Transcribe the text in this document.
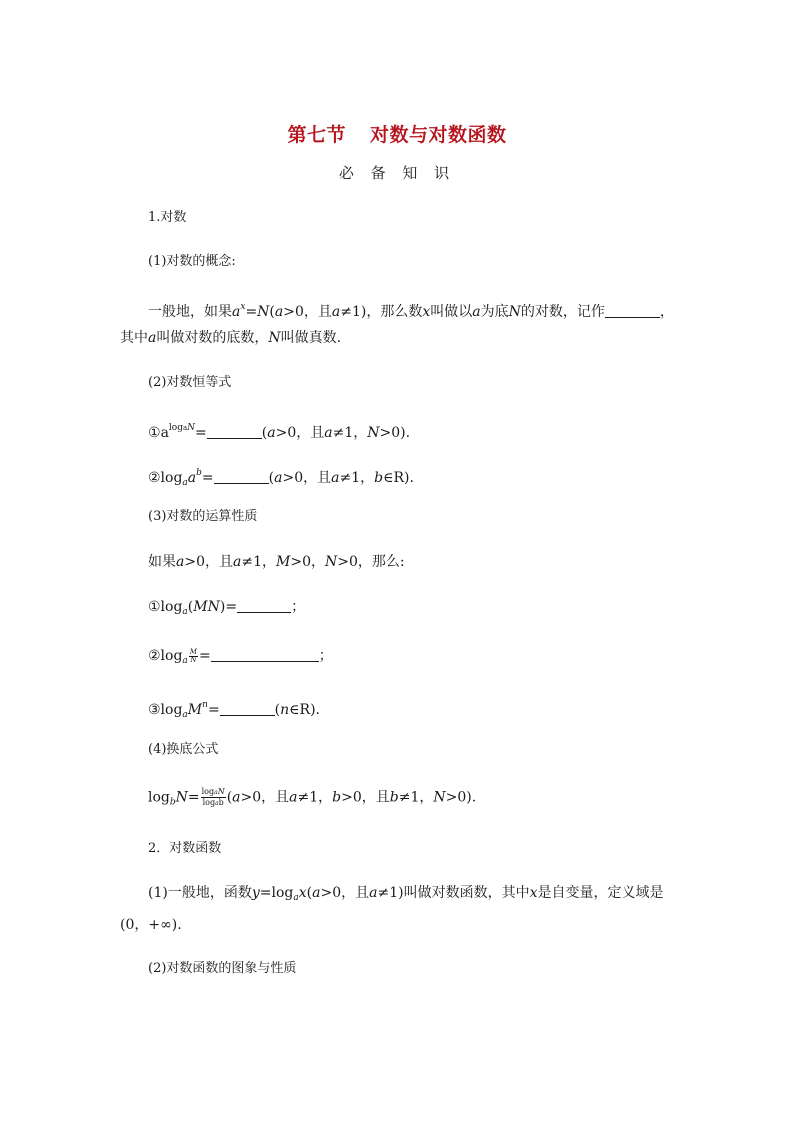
第七节 对数与对数函数
必 备 知 识
1.对数
(1)对数的概念:
一般地，如果$a^x=N(a>0$，且a≠1)，那么数x叫做以a为底N的对数，记作	，
其中a叫做对数的底数，N叫做真数.
(2)对数恒等式
$①a^{logaN}=$	(a>0，且a≠1，N>0).
$②\log_aa^b=$	(a>0，且a≠1，b∈R).
(3)对数的运算性质
如果a>0，且a≠1，M>0，N>0，那么:
$①\log_a(MN)=$	；
$②\log_a \frac{M}{N}$ =	；
$③\log_aM^n=$	(n∈R).
(4)换底公式
$\log_bN= \frac{\text{logaN}}{\text{logab}} (a>0$，且a≠1，b>0，且b≠1，N>0).
2．对数函数
(1)一般地，函数$y=\log_ax(a>0$，且a≠1)叫做对数函数，其中x是自变量，定义域是
(0，+∞).
(2)对数函数的图象与性质
